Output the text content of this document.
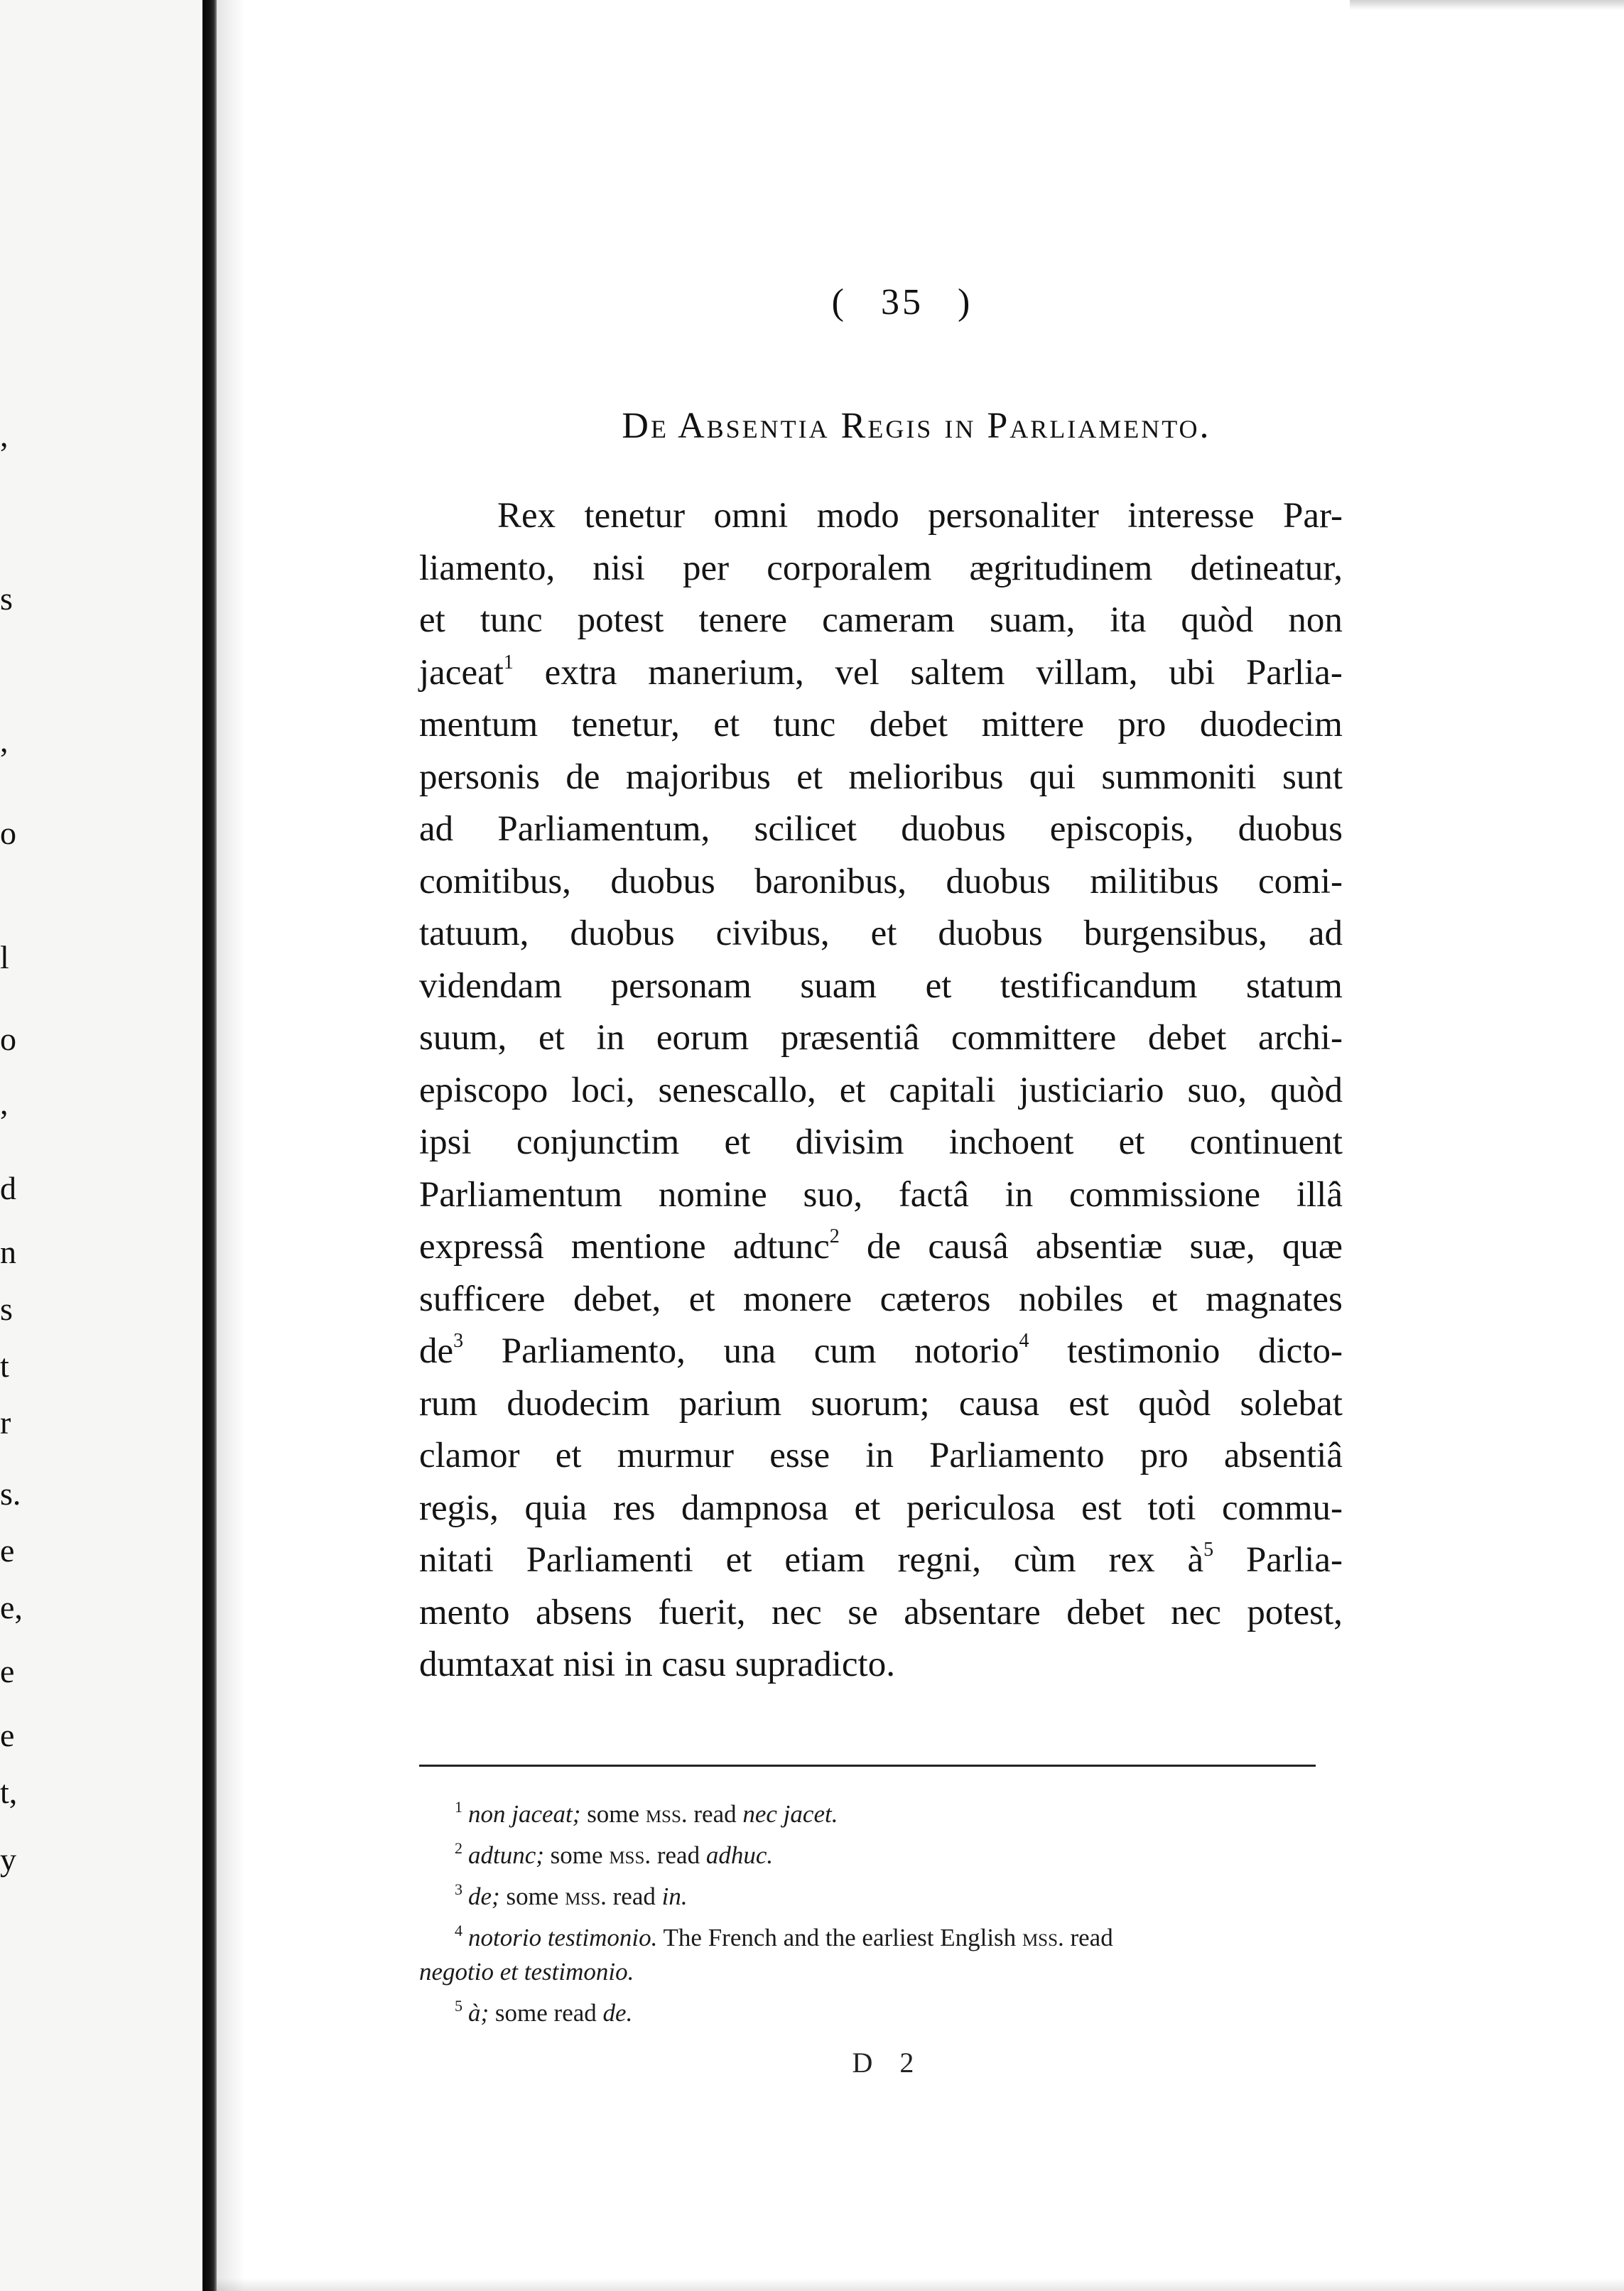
,
s
,
o
l
o
,
d
n
s
t
r
s.
e
e,
e
e
t,
y
( 35 )
De Absentia Regis in Parliamento.
Rex tenetur omni modo personaliter interesse Par-
liamento, nisi per corporalem ægritudinem detineatur,
et tunc potest tenere cameram suam, ita quòd non
jaceat$^1$ extra manerium, vel saltem villam, ubi Parlia-
mentum tenetur, et tunc debet mittere pro duodecim
personis de majoribus et melioribus qui summoniti sunt
ad Parliamentum, scilicet duobus episcopis, duobus
comitibus, duobus baronibus, duobus militibus comi-
tatuum, duobus civibus, et duobus burgensibus, ad
videndam personam suam et testificandum statum
suum, et in eorum præsentiâ committere debet archi-
episcopo loci, senescallo, et capitali justiciario suo, quòd
ipsi conjunctim et divisim inchoent et continuent
Parliamentum nomine suo, factâ in commissione illâ
expressâ mentione adtunc$^2$ de causâ absentiæ suæ, quæ
sufficere debet, et monere cæteros nobiles et magnates
de$^3$ Parliamento, una cum notorio$^4$ testimonio dicto-
rum duodecim parium suorum; causa est quòd solebat
clamor et murmur esse in Parliamento pro absentiâ
regis, quia res dampnosa et periculosa est toti commu-
nitati Parliamenti et etiam regni, cùm rex à$^5$ Parlia-
mento absens fuerit, nec se absentare debet nec potest,
dumtaxat nisi in casu supradicto.
$^1$ non jaceat; some mss. read nec jacet.
$^2$ adtunc; some mss. read adhuc.
$^3$ de; some mss. read in.
$^4$ notorio testimonio. The French and the earliest English mss. read
negotio et testimonio.
$^5$ à; some read de.
D 2
